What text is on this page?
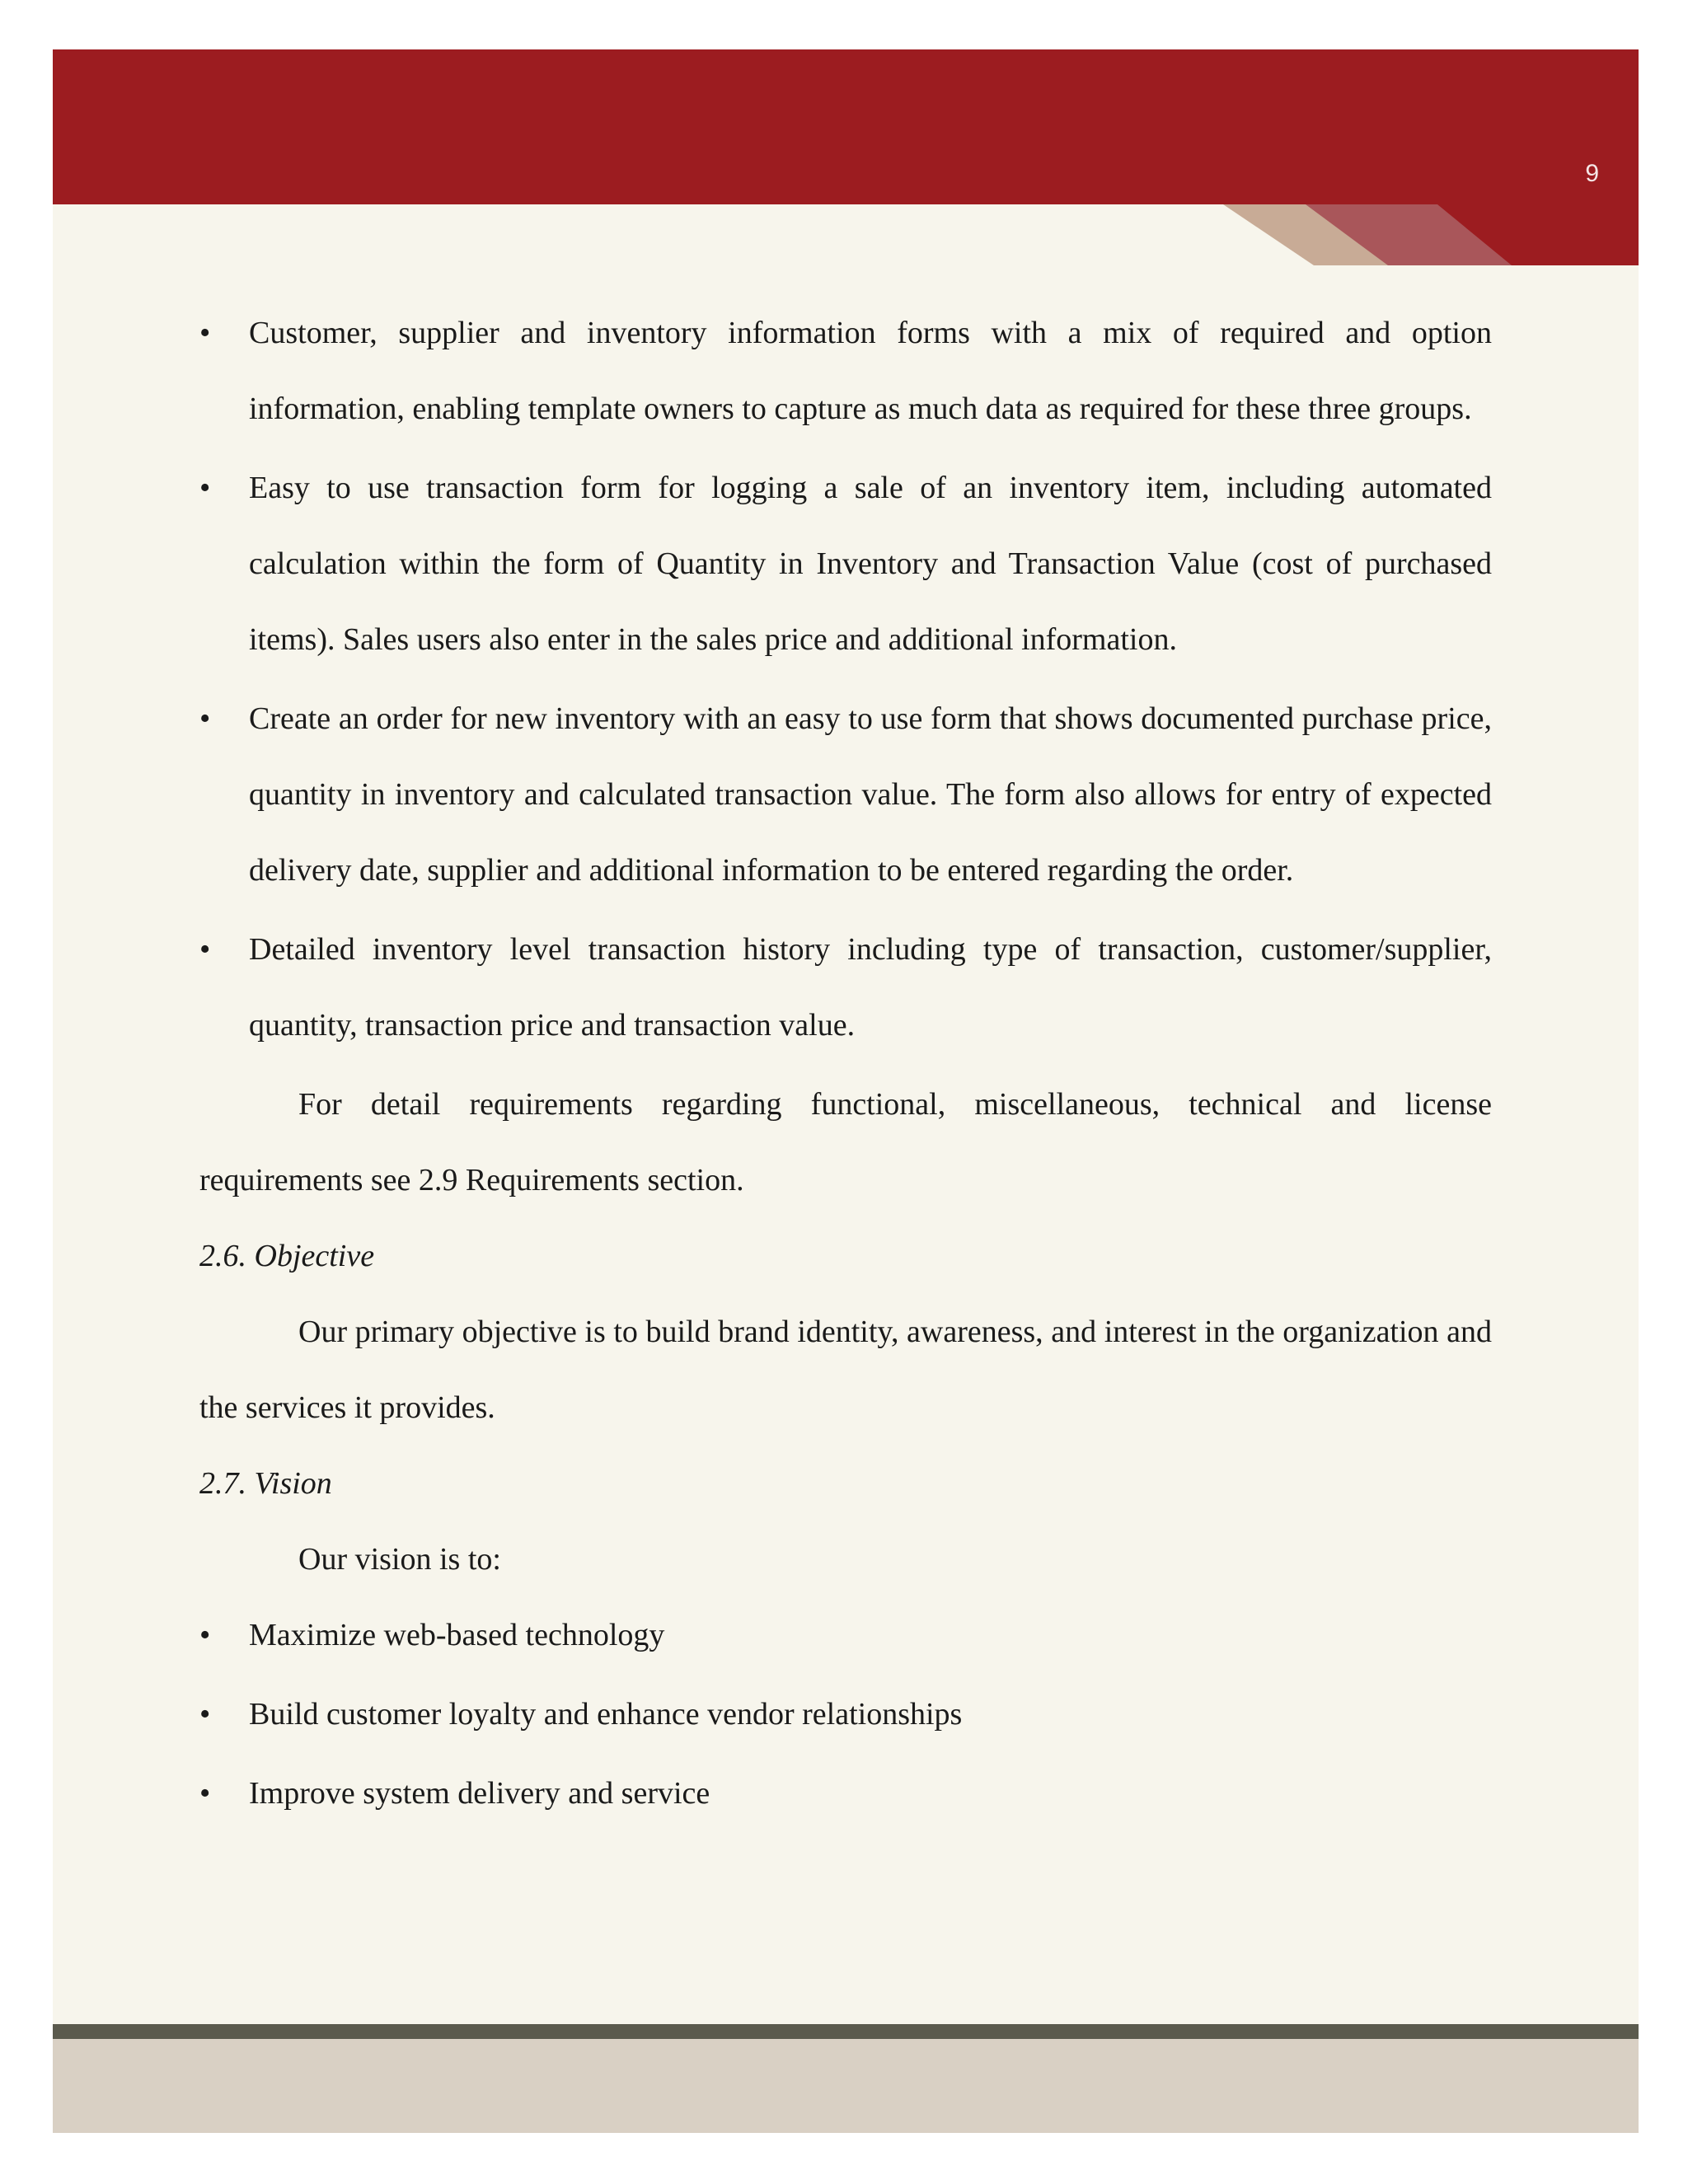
9
• Customer, supplier and inventory information forms with a mix of required and option information, enabling template owners to capture as much data as required for these three groups.
• Easy to use transaction form for logging a sale of an inventory item, including automated calculation within the form of Quantity in Inventory and Transaction Value (cost of purchased items). Sales users also enter in the sales price and additional information.
• Create an order for new inventory with an easy to use form that shows documented purchase price, quantity in inventory and calculated transaction value. The form also allows for entry of expected delivery date, supplier and additional information to be entered regarding the order.
• Detailed inventory level transaction history including type of transaction, customer/supplier, quantity, transaction price and transaction value.

For detail requirements regarding functional, miscellaneous, technical and license requirements see 2.9 Requirements section.

2.6. Objective

Our primary objective is to build brand identity, awareness, and interest in the organization and the services it provides.

2.7. Vision

Our vision is to:

• Maximize web-based technology
• Build customer loyalty and enhance vendor relationships
• Improve system delivery and service
